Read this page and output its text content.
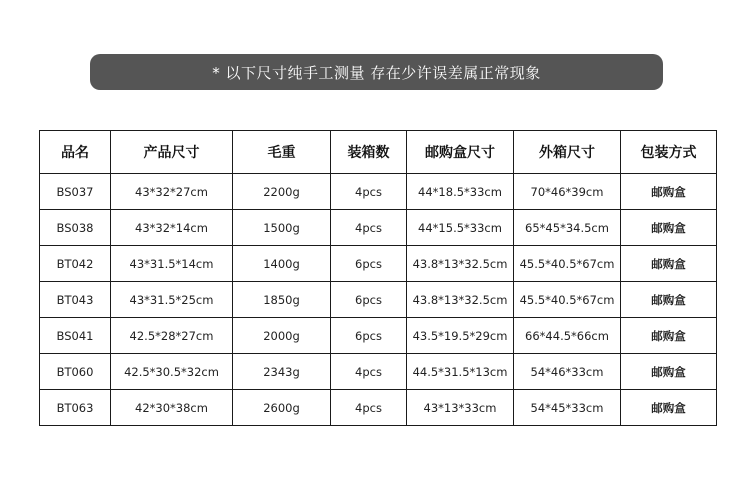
* 以下尺寸纯手工测量 存在少许误差属正常现象
品名	产品尺寸	毛重	装箱数	邮购盒尺寸	外箱尺寸	包装方式
BS037	43*32*27cm	2200g	4pcs	44*18.5*33cm	70*46*39cm	邮购盒
BS038	43*32*14cm	1500g	4pcs	44*15.5*33cm	65*45*34.5cm	邮购盒
BT042	43*31.5*14cm	1400g	6pcs	43.8*13*32.5cm	45.5*40.5*67cm	邮购盒
BT043	43*31.5*25cm	1850g	6pcs	43.8*13*32.5cm	45.5*40.5*67cm	邮购盒
BS041	42.5*28*27cm	2000g	6pcs	43.5*19.5*29cm	66*44.5*66cm	邮购盒
BT060	42.5*30.5*32cm	2343g	4pcs	44.5*31.5*13cm	54*46*33cm	邮购盒
BT063	42*30*38cm	2600g	4pcs	43*13*33cm	54*45*33cm	邮购盒
